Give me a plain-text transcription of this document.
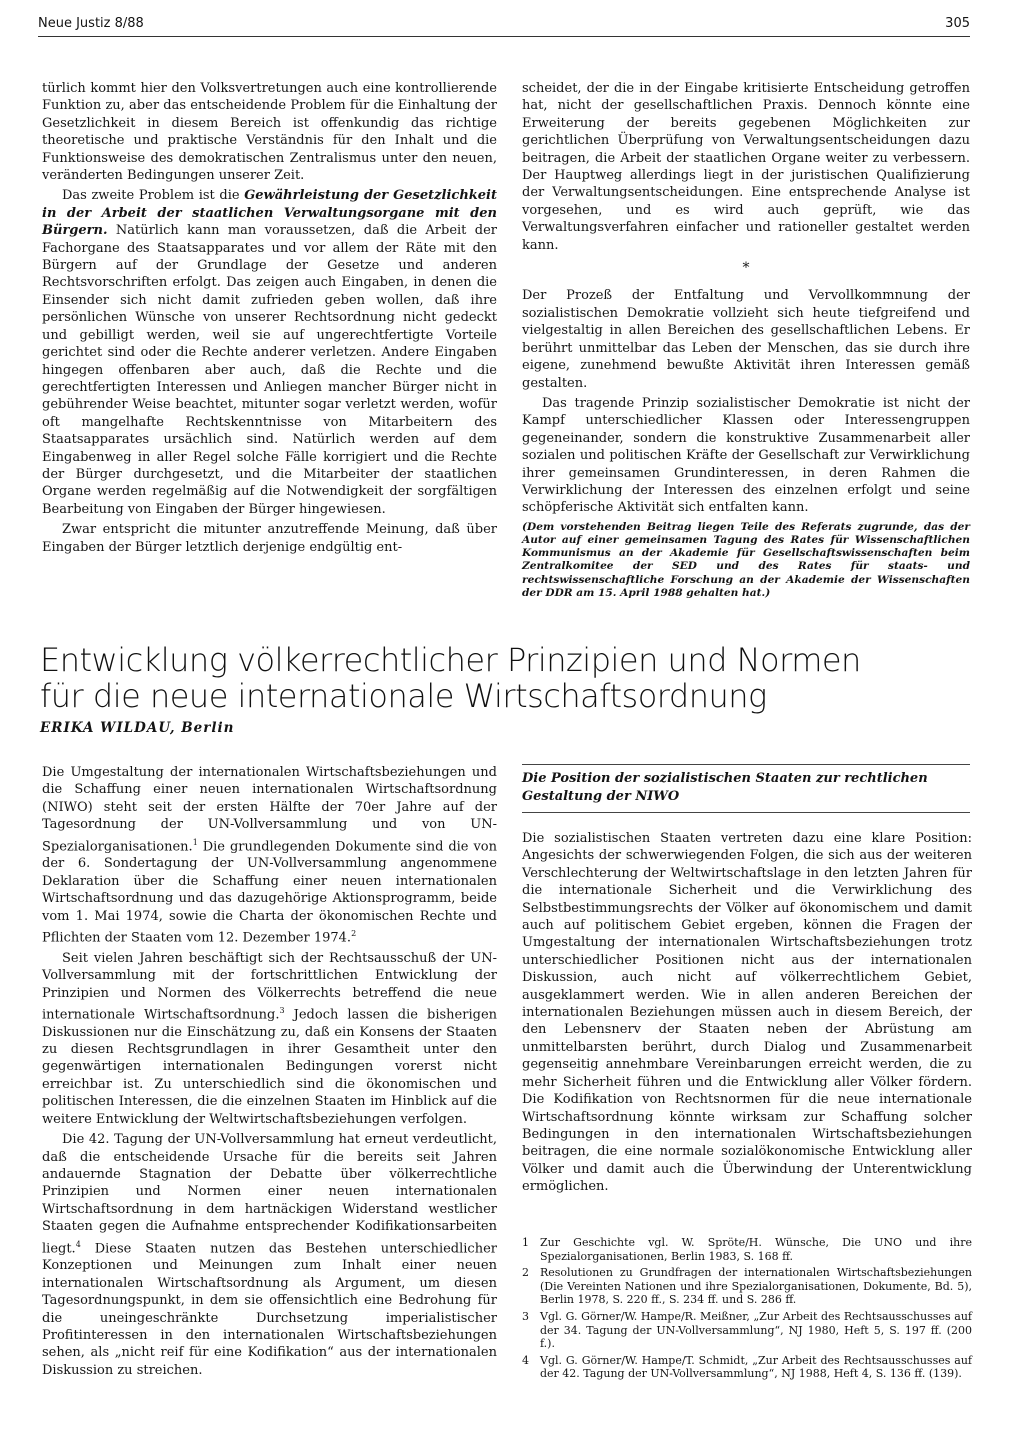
Neue Justiz 8/88	305

türlich kommt hier den Volksvertretungen auch eine kontrollierende Funktion zu, aber das entscheidende Problem für die Einhaltung der Gesetzlichkeit in diesem Bereich ist offenkundig das richtige theoretische und praktische Verständnis für den Inhalt und die Funktionsweise des demokratischen Zentralismus unter den neuen, veränderten Bedingungen unserer Zeit.

Das zweite Problem ist die Gewährleistung der Gesetzlichkeit in der Arbeit der staatlichen Verwaltungsorgane mit den Bürgern. Natürlich kann man voraussetzen, daß die Arbeit der Fachorgane des Staatsapparates und vor allem der Räte mit den Bürgern auf der Grundlage der Gesetze und anderen Rechtsvorschriften erfolgt. Das zeigen auch Eingaben, in denen die Einsender sich nicht damit zufrieden geben wollen, daß ihre persönlichen Wünsche von unserer Rechtsordnung nicht gedeckt und gebilligt werden, weil sie auf ungerechtfertigte Vorteile gerichtet sind oder die Rechte anderer verletzen. Andere Eingaben hingegen offenbaren aber auch, daß die Rechte und die gerechtfertigten Interessen und Anliegen mancher Bürger nicht in gebührender Weise beachtet, mitunter sogar verletzt werden, wofür oft mangelhafte Rechtskenntnisse von Mitarbeitern des Staatsapparates ursächlich sind. Natürlich werden auf dem Eingabenweg in aller Regel solche Fälle korrigiert und die Rechte der Bürger durchgesetzt, und die Mitarbeiter der staatlichen Organe werden regelmäßig auf die Notwendigkeit der sorgfältigen Bearbeitung von Eingaben der Bürger hingewiesen.

Zwar entspricht die mitunter anzutreffende Meinung, daß über Eingaben der Bürger letztlich derjenige endgültig ent-

scheidet, der die in der Eingabe kritisierte Entscheidung getroffen hat, nicht der gesellschaftlichen Praxis. Dennoch könnte eine Erweiterung der bereits gegebenen Möglichkeiten zur gerichtlichen Überprüfung von Verwaltungsentscheidungen dazu beitragen, die Arbeit der staatlichen Organe weiter zu verbessern. Der Hauptweg allerdings liegt in der juristischen Qualifizierung der Verwaltungsentscheidungen. Eine entsprechende Analyse ist vorgesehen, und es wird auch geprüft, wie das Verwaltungsverfahren einfacher und rationeller gestaltet werden kann.

*

Der Prozeß der Entfaltung und Vervollkommnung der sozialistischen Demokratie vollzieht sich heute tiefgreifend und vielgestaltig in allen Bereichen des gesellschaftlichen Lebens. Er berührt unmittelbar das Leben der Menschen, das sie durch ihre eigene, zunehmend bewußte Aktivität ihren Interessen gemäß gestalten.

Das tragende Prinzip sozialistischer Demokratie ist nicht der Kampf unterschiedlicher Klassen oder Interessengruppen gegeneinander, sondern die konstruktive Zusammenarbeit aller sozialen und politischen Kräfte der Gesellschaft zur Verwirklichung ihrer gemeinsamen Grundinteressen, in deren Rahmen die Verwirklichung der Interessen des einzelnen erfolgt und seine schöpferische Aktivität sich entfalten kann.

(Dem vorstehenden Beitrag liegen Teile des Referats zugrunde, das der Autor auf einer gemeinsamen Tagung des Rates für Wissenschaftlichen Kommunismus an der Akademie für Gesellschaftswissenschaften beim Zentralkomitee der SED und des Rates für staats- und rechtswissenschaftliche Forschung an der Akademie der Wissenschaften der DDR am 15. April 1988 gehalten hat.)

Entwicklung völkerrechtlicher Prinzipien und Normen
für die neue internationale Wirtschaftsordnung
ERIKA WILDAU, Berlin

Die Umgestaltung der internationalen Wirtschaftsbeziehungen und die Schaffung einer neuen internationalen Wirtschaftsordnung (NIWO) steht seit der ersten Hälfte der 70er Jahre auf der Tagesordnung der UN-Vollversammlung und von UN-Spezialorganisationen.$^1$ Die grundlegenden Dokumente sind die von der 6. Sondertagung der UN-Vollversammlung angenommene Deklaration über die Schaffung einer neuen internationalen Wirtschaftsordnung und das dazugehörige Aktionsprogramm, beide vom 1. Mai 1974, sowie die Charta der ökonomischen Rechte und Pflichten der Staaten vom 12. Dezember 1974.$^2$

Seit vielen Jahren beschäftigt sich der Rechtsausschuß der UN-Vollversammlung mit der fortschrittlichen Entwicklung der Prinzipien und Normen des Völkerrechts betreffend die neue internationale Wirtschaftsordnung.$^3$ Jedoch lassen die bisherigen Diskussionen nur die Einschätzung zu, daß ein Konsens der Staaten zu diesen Rechtsgrundlagen in ihrer Gesamtheit unter den gegenwärtigen internationalen Bedingungen vorerst nicht erreichbar ist. Zu unterschiedlich sind die ökonomischen und politischen Interessen, die die einzelnen Staaten im Hinblick auf die weitere Entwicklung der Weltwirtschaftsbeziehungen verfolgen.

Die 42. Tagung der UN-Vollversammlung hat erneut verdeutlicht, daß die entscheidende Ursache für die bereits seit Jahren andauernde Stagnation der Debatte über völkerrechtliche Prinzipien und Normen einer neuen internationalen Wirtschaftsordnung in dem hartnäckigen Widerstand westlicher Staaten gegen die Aufnahme entsprechender Kodifikationsarbeiten liegt.$^4$ Diese Staaten nutzen das Bestehen unterschiedlicher Konzeptionen und Meinungen zum Inhalt einer neuen internationalen Wirtschaftsordnung als Argument, um diesen Tagesordnungspunkt, in dem sie offensichtlich eine Bedrohung für die uneingeschränkte Durchsetzung imperialistischer Profitinteressen in den internationalen Wirtschaftsbeziehungen sehen, als „nicht reif für eine Kodifikation“ aus der internationalen Diskussion zu streichen.

Die Position der sozialistischen Staaten zur rechtlichen Gestaltung der NIWO

Die sozialistischen Staaten vertreten dazu eine klare Position: Angesichts der schwerwiegenden Folgen, die sich aus der weiteren Verschlechterung der Weltwirtschaftslage in den letzten Jahren für die internationale Sicherheit und die Verwirklichung des Selbstbestimmungsrechts der Völker auf ökonomischem und damit auch auf politischem Gebiet ergeben, können die Fragen der Umgestaltung der internationalen Wirtschaftsbeziehungen trotz unterschiedlicher Positionen nicht aus der internationalen Diskussion, auch nicht auf völkerrechtlichem Gebiet, ausgeklammert werden. Wie in allen anderen Bereichen der internationalen Beziehungen müssen auch in diesem Bereich, der den Lebensnerv der Staaten neben der Abrüstung am unmittelbarsten berührt, durch Dialog und Zusammenarbeit gegenseitig annehmbare Vereinbarungen erreicht werden, die zu mehr Sicherheit führen und die Entwicklung aller Völker fördern. Die Kodifikation von Rechtsnormen für die neue internationale Wirtschaftsordnung könnte wirksam zur Schaffung solcher Bedingungen in den internationalen Wirtschaftsbeziehungen beitragen, die eine normale sozialökonomische Entwicklung aller Völker und damit auch die Überwindung der Unterentwicklung ermöglichen.

1	Zur Geschichte vgl. W. Spröte/H. Wünsche, Die UNO und ihre Spezialorganisationen, Berlin 1983, S. 168 ff.
2	Resolutionen zu Grundfragen der internationalen Wirtschaftsbeziehungen (Die Vereinten Nationen und ihre Spezialorganisationen, Dokumente, Bd. 5), Berlin 1978, S. 220 ff., S. 234 ff. und S. 286 ff.
3	Vgl. G. Görner/W. Hampe/R. Meißner, „Zur Arbeit des Rechtsausschusses auf der 34. Tagung der UN-Vollversammlung“, NJ 1980, Heft 5, S. 197 ff. (200 f.).
4	Vgl. G. Görner/W. Hampe/T. Schmidt, „Zur Arbeit des Rechtsausschusses auf der 42. Tagung der UN-Vollversammlung“, NJ 1988, Heft 4, S. 136 ff. (139).
